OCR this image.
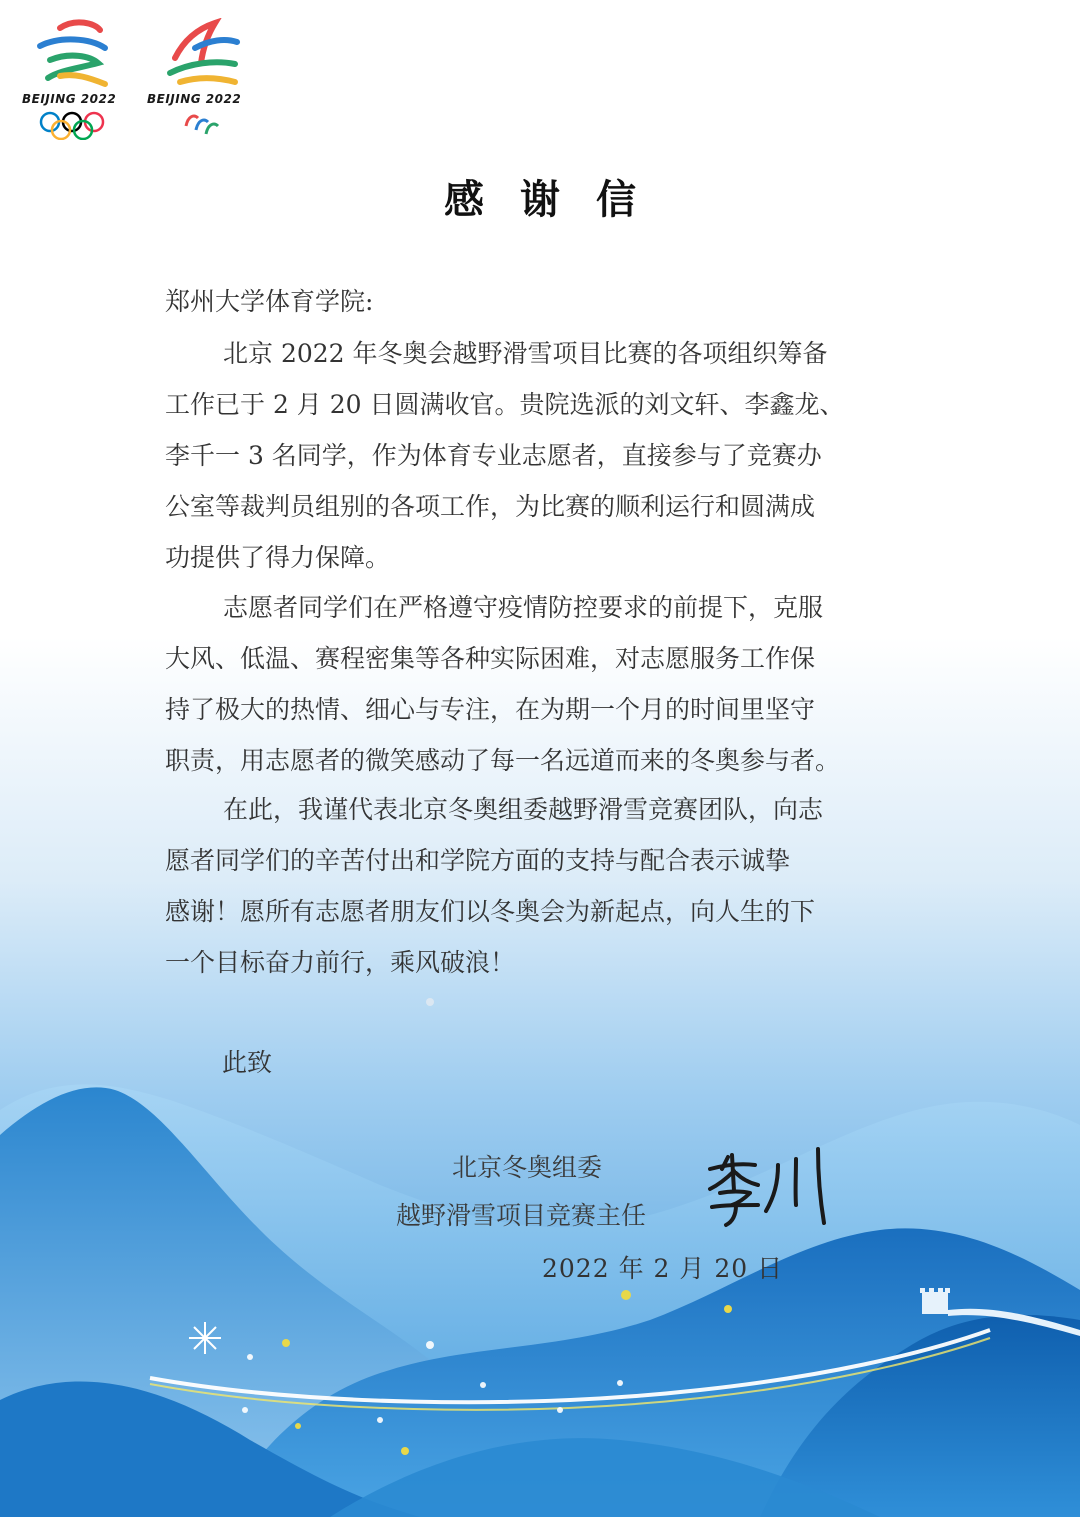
BEIJING 2022	BEIJING 2022
感谢信
郑州大学体育学院:
北京 2022 年冬奥会越野滑雪项目比赛的各项组织筹备
工作已于 2 月 20 日圆满收官。贵院选派的刘文轩、李鑫龙、
李千一 3 名同学，作为体育专业志愿者，直接参与了竞赛办
公室等裁判员组别的各项工作，为比赛的顺利运行和圆满成
功提供了得力保障。
志愿者同学们在严格遵守疫情防控要求的前提下，克服
大风、低温、赛程密集等各种实际困难，对志愿服务工作保
持了极大的热情、细心与专注，在为期一个月的时间里坚守
职责，用志愿者的微笑感动了每一名远道而来的冬奥参与者。
在此，我谨代表北京冬奥组委越野滑雪竞赛团队，向志
愿者同学们的辛苦付出和学院方面的支持与配合表示诚挚
感谢！愿所有志愿者朋友们以冬奥会为新起点，向人生的下
一个目标奋力前行，乘风破浪！
此致
北京冬奥组委
越野滑雪项目竞赛主任
2022 年 2 月 20 日
